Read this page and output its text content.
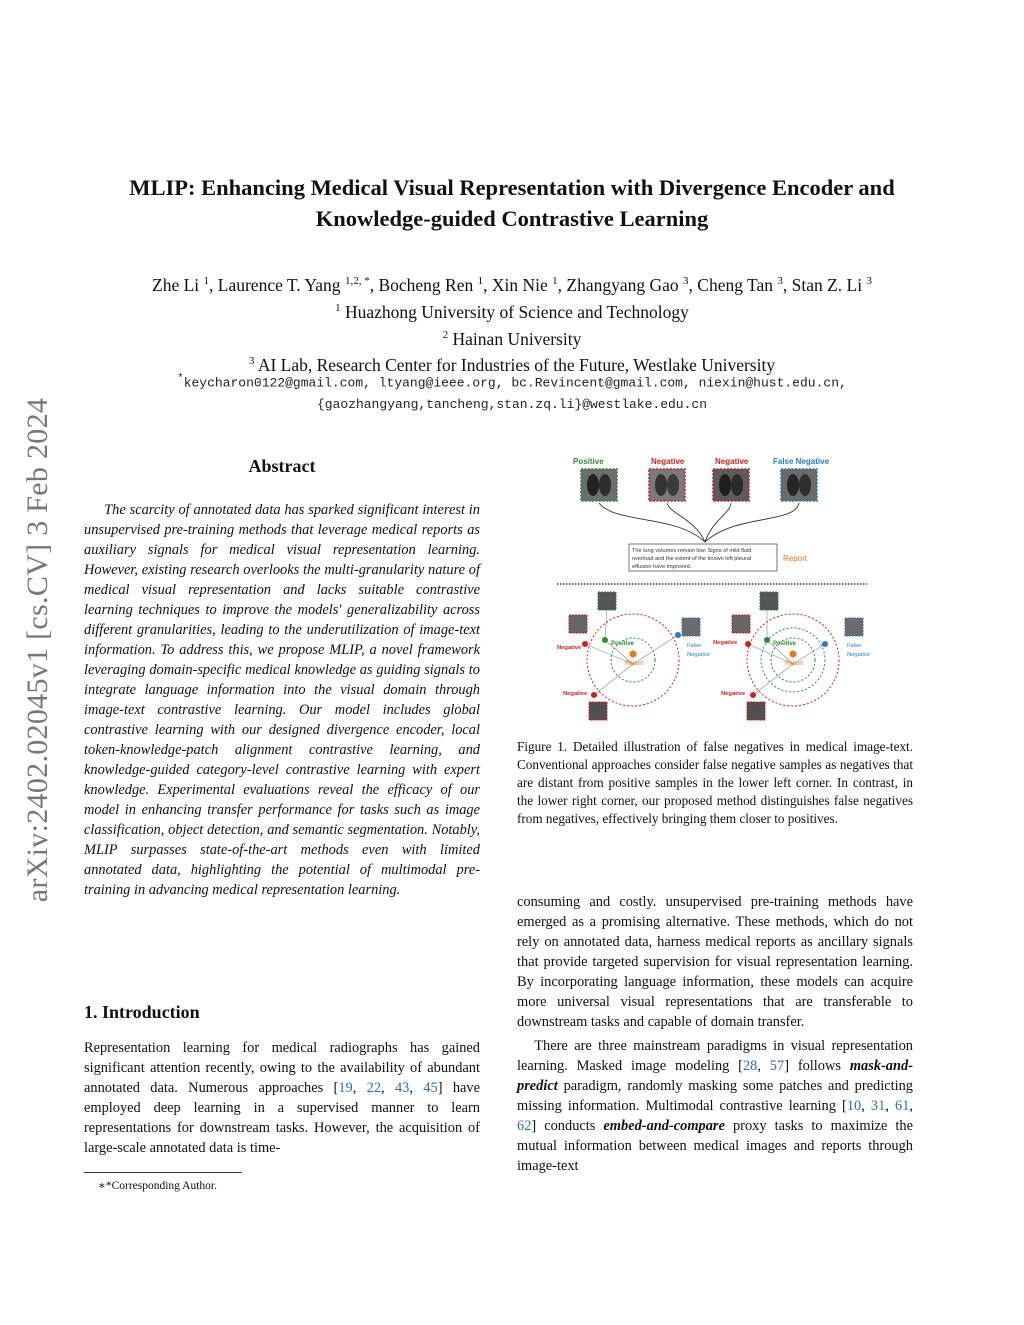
arXiv:2402.02045v1 [cs.CV] 3 Feb 2024
MLIP: Enhancing Medical Visual Representation with Divergence Encoder and
Knowledge-guided Contrastive Learning
Zhe Li $^1$, Laurence T. Yang $^{1,2, *}$, Bocheng Ren $^1$, Xin Nie $^1$, Zhangyang Gao $^3$, Cheng Tan $^3$, Stan Z. Li $^3$
$^1$ Huazhong University of Science and Technology
$^2$ Hainan University
$^3$ AI Lab, Research Center for Industries of the Future, Westlake University
*keycharon0122@gmail.com, ltyang@ieee.org, bc.Revincent@gmail.com, niexin@hust.edu.cn,
{gaozhangyang,tancheng,stan.zq.li}@westlake.edu.cn
Abstract
The scarcity of annotated data has sparked significant interest in unsupervised pre-training methods that leverage medical reports as auxiliary signals for medical visual representation learning. However, existing research overlooks the multi-granularity nature of medical visual representation and lacks suitable contrastive learning techniques to improve the models' generalizability across different granularities, leading to the underutilization of image-text information. To address this, we propose MLIP, a novel framework leveraging domain-specific medical knowledge as guiding signals to integrate language information into the visual domain through image-text contrastive learning. Our model includes global contrastive learning with our designed divergence encoder, local token-knowledge-patch alignment contrastive learning, and knowledge-guided category-level contrastive learning with expert knowledge. Experimental evaluations reveal the efficacy of our model in enhancing transfer performance for tasks such as image classification, object detection, and semantic segmentation. Notably, MLIP surpasses state-of-the-art methods even with limited annotated data, highlighting the potential of multimodal pre-training in advancing medical representation learning.
1. Introduction
Representation learning for medical radiographs has gained significant attention recently, owing to the availability of abundant annotated data. Numerous approaches [19, 22, 43, 45] have employed deep learning in a supervised manner to learn representations for downstream tasks. However, the acquisition of large-scale annotated data is time-
∗*Corresponding Author.
Positive	Negative	Negative	False Negative
The lung volumes remain low. Signs of mild fluid
overload and the extent of the known left pleural
effusion have improved.
Report
Positive
Report
Negative
Negative
False
Negative
Positive
Report
Negative
Negative
False
Negative
Figure 1. Detailed illustration of false negatives in medical image-text. Conventional approaches consider false negative samples as negatives that are distant from positive samples in the lower left corner. In contrast, in the lower right corner, our proposed method distinguishes false negatives from negatives, effectively bringing them closer to positives.
consuming and costly. unsupervised pre-training methods have emerged as a promising alternative. These methods, which do not rely on annotated data, harness medical reports as ancillary signals that provide targeted supervision for visual representation learning. By incorporating language information, these models can acquire more universal visual representations that are transferable to downstream tasks and capable of domain transfer.
There are three mainstream paradigms in visual representation learning. Masked image modeling [28, 57] follows mask-and-predict paradigm, randomly masking some patches and predicting missing information. Multimodal contrastive learning [10, 31, 61, 62] conducts embed-and-compare proxy tasks to maximize the mutual information between medical images and reports through image-text
